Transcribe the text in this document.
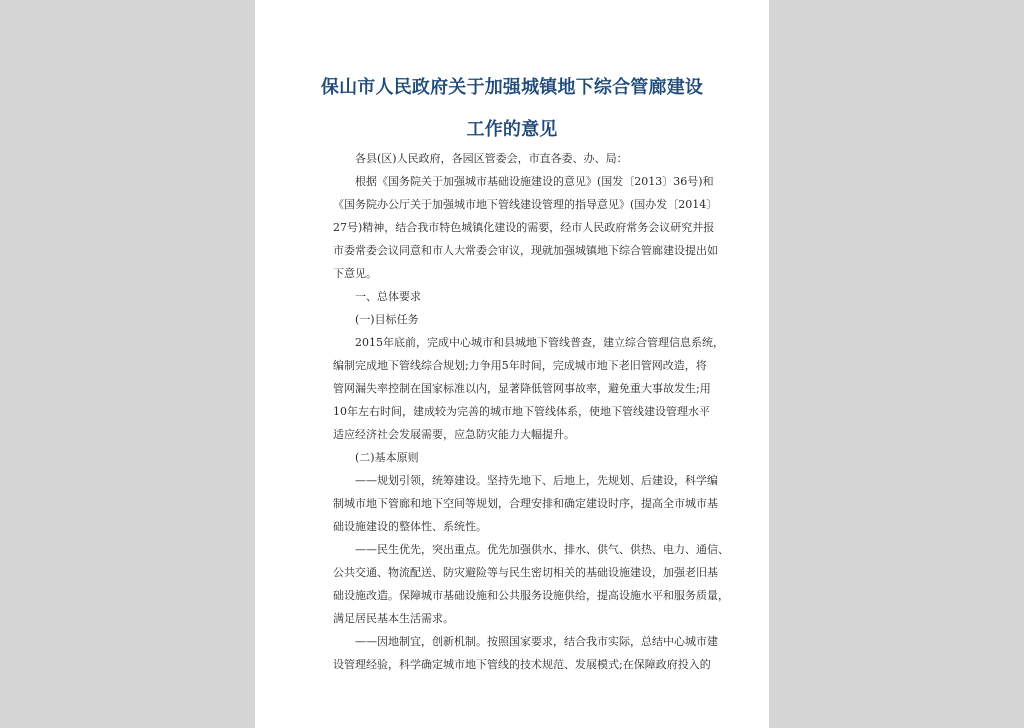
保山市人民政府关于加强城镇地下综合管廊建设
工作的意见
各县(区)人民政府，各园区管委会，市直各委、办、局：
根据《国务院关于加强城市基础设施建设的意见》(国发〔2013〕36号)和
《国务院办公厅关于加强城市地下管线建设管理的指导意见》(国办发〔2014〕
27号)精神，结合我市特色城镇化建设的需要，经市人民政府常务会议研究并报
市委常委会议同意和市人大常委会审议，现就加强城镇地下综合管廊建设提出如
下意见。
一、总体要求
(一)目标任务
2015年底前，完成中心城市和县城地下管线普查，建立综合管理信息系统，
编制完成地下管线综合规划;力争用5年时间，完成城市地下老旧管网改造，将
管网漏失率控制在国家标准以内，显著降低管网事故率，避免重大事故发生;用
10年左右时间，建成较为完善的城市地下管线体系，使地下管线建设管理水平
适应经济社会发展需要，应急防灾能力大幅提升。
(二)基本原则
——规划引领，统筹建设。坚持先地下、后地上，先规划、后建设，科学编
制城市地下管廊和地下空间等规划，合理安排和确定建设时序，提高全市城市基
础设施建设的整体性、系统性。
——民生优先，突出重点。优先加强供水、排水、供气、供热、电力、通信、
公共交通、物流配送、防灾避险等与民生密切相关的基础设施建设，加强老旧基
础设施改造。保障城市基础设施和公共服务设施供给，提高设施水平和服务质量，
满足居民基本生活需求。
——因地制宜，创新机制。按照国家要求，结合我市实际，总结中心城市建
设管理经验，科学确定城市地下管线的技术规范、发展模式;在保障政府投入的
